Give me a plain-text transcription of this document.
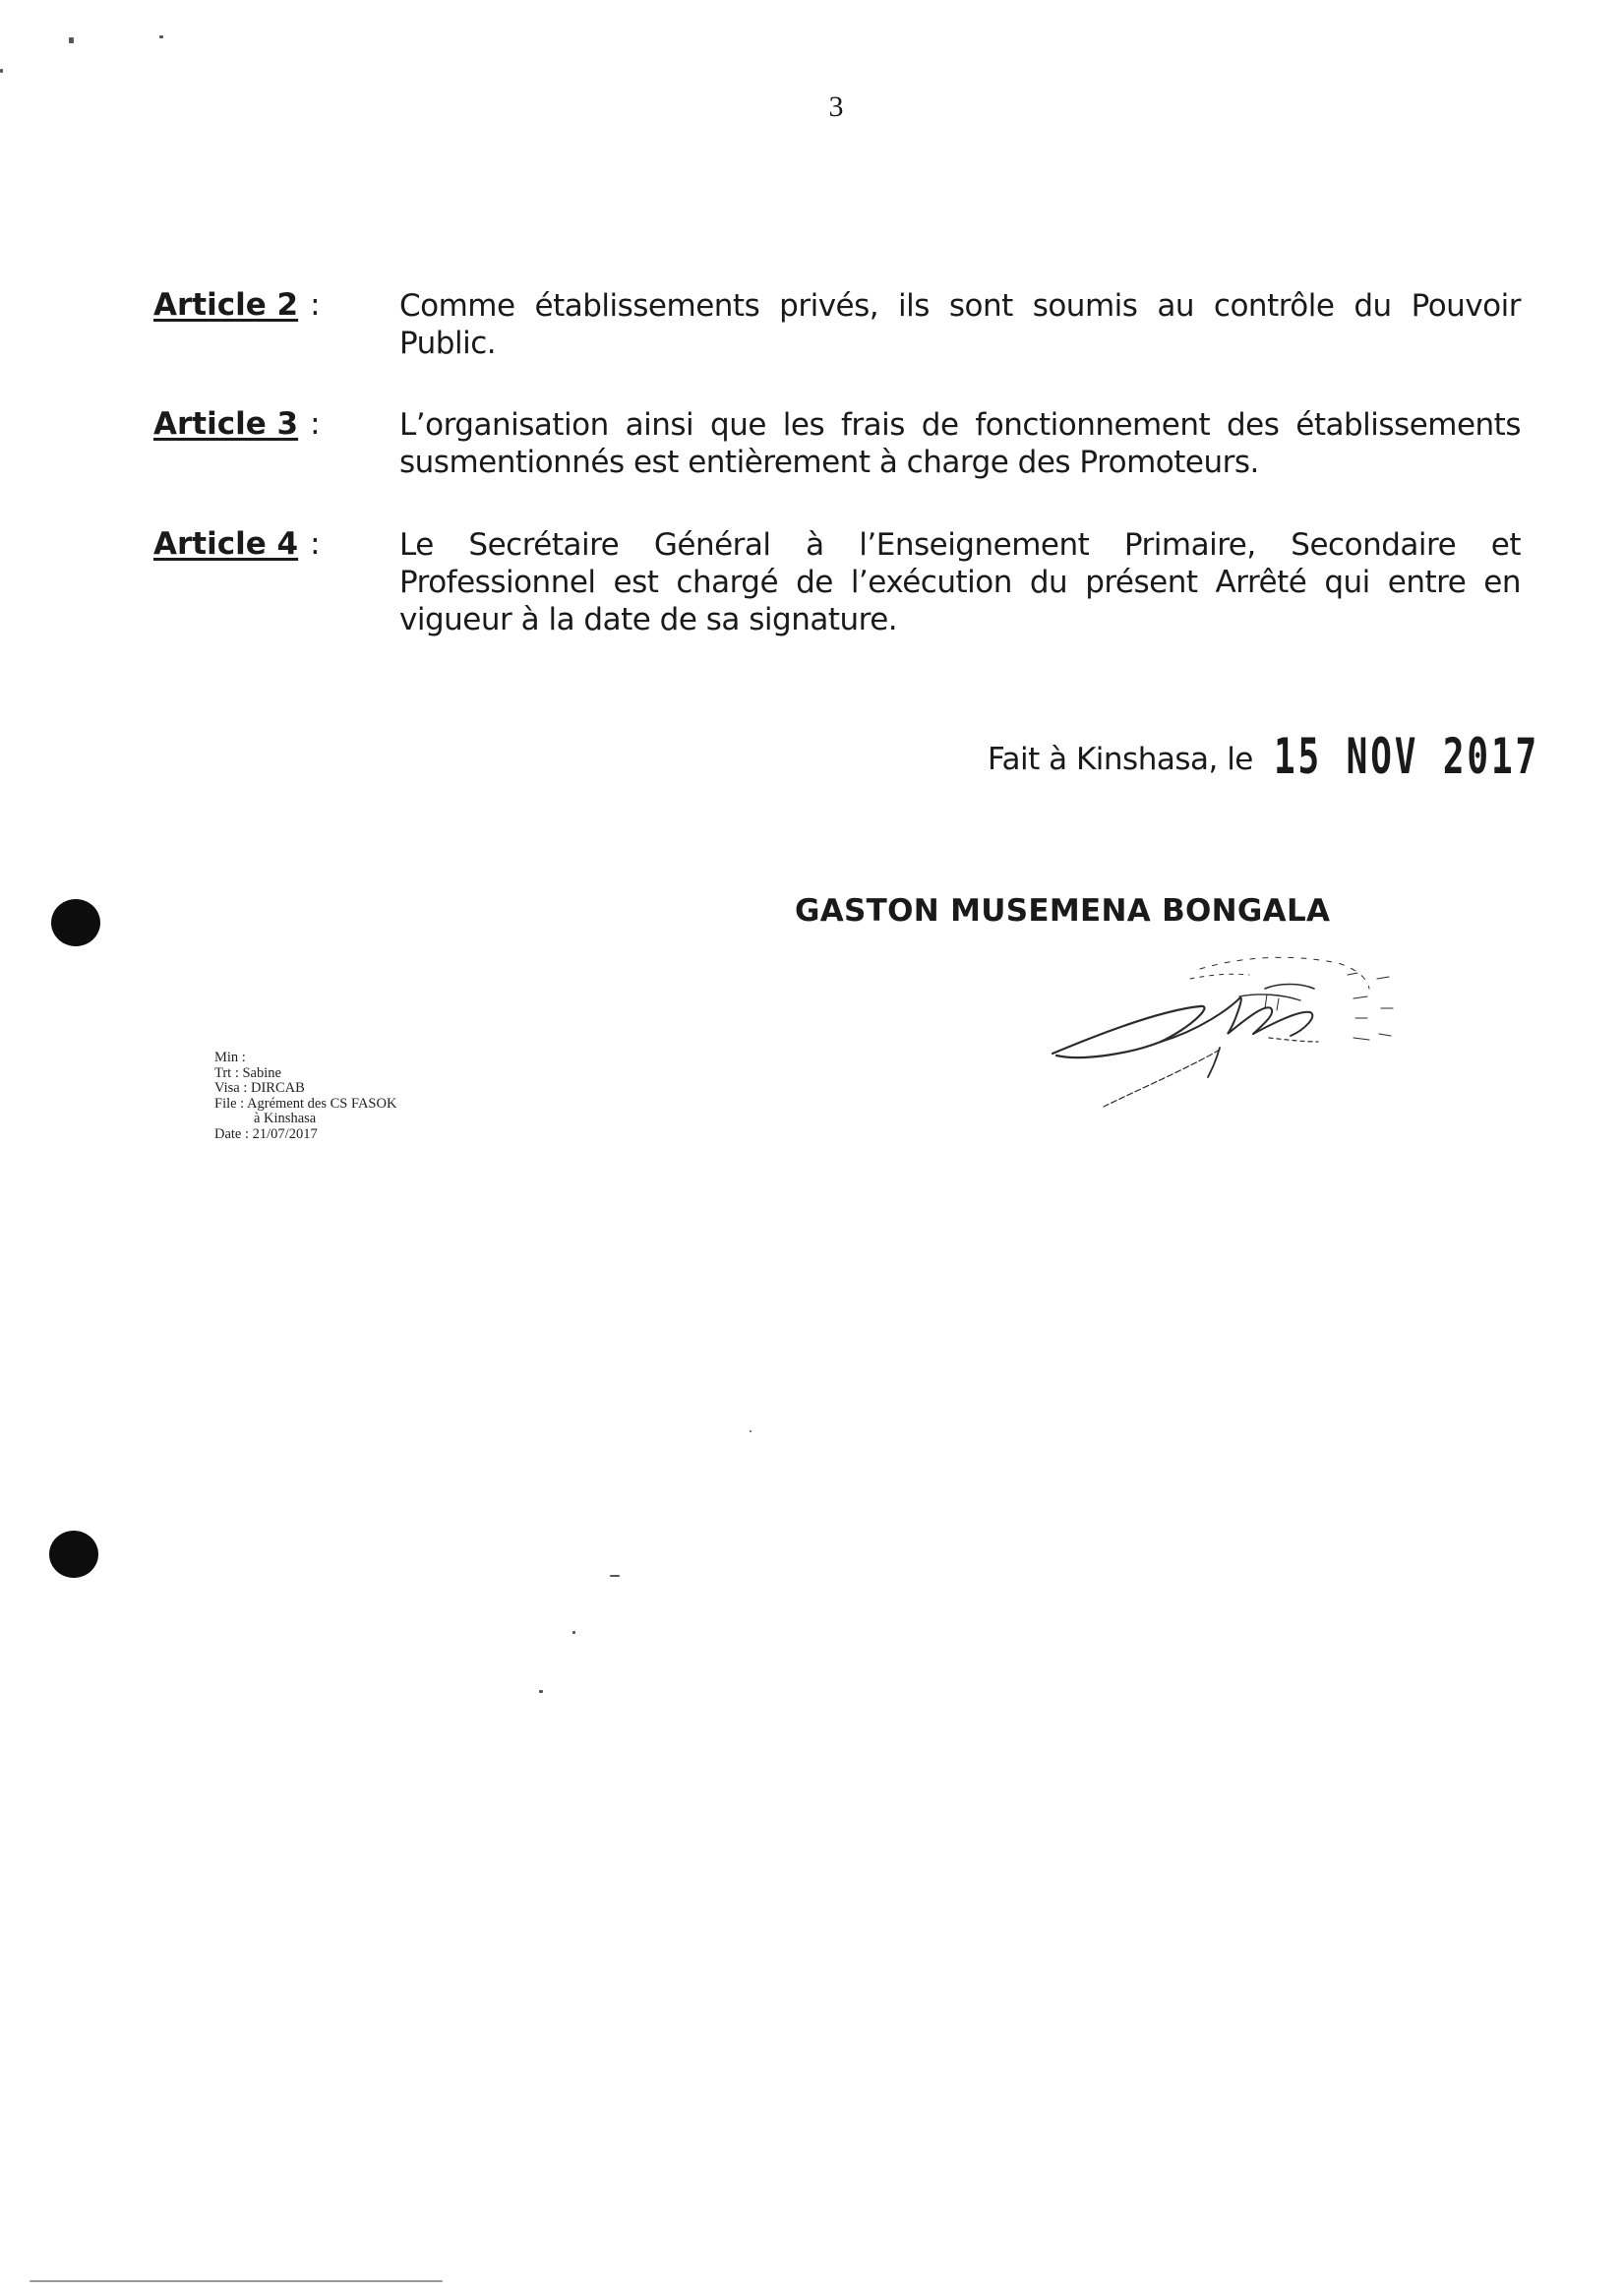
3
Article 2 :	Comme établissements privés, ils sont soumis au contrôle du Pouvoir Public.
Article 3 :	L’organisation ainsi que les frais de fonctionnement des établissements susmentionnés est entièrement à charge des Promoteurs.
Article 4 :	Le Secrétaire Général à l’Enseignement Primaire, Secondaire et Professionnel est chargé de l’exécution du présent Arrêté qui entre en vigueur à la date de sa signature.
Fait à Kinshasa, le 15 NOV 2017
GASTON MUSEMENA BONGALA
Min :
Trt : Sabine
Visa : DIRCAB
File : Agrément des CS FASOK
à Kinshasa
Date : 21/07/2017
